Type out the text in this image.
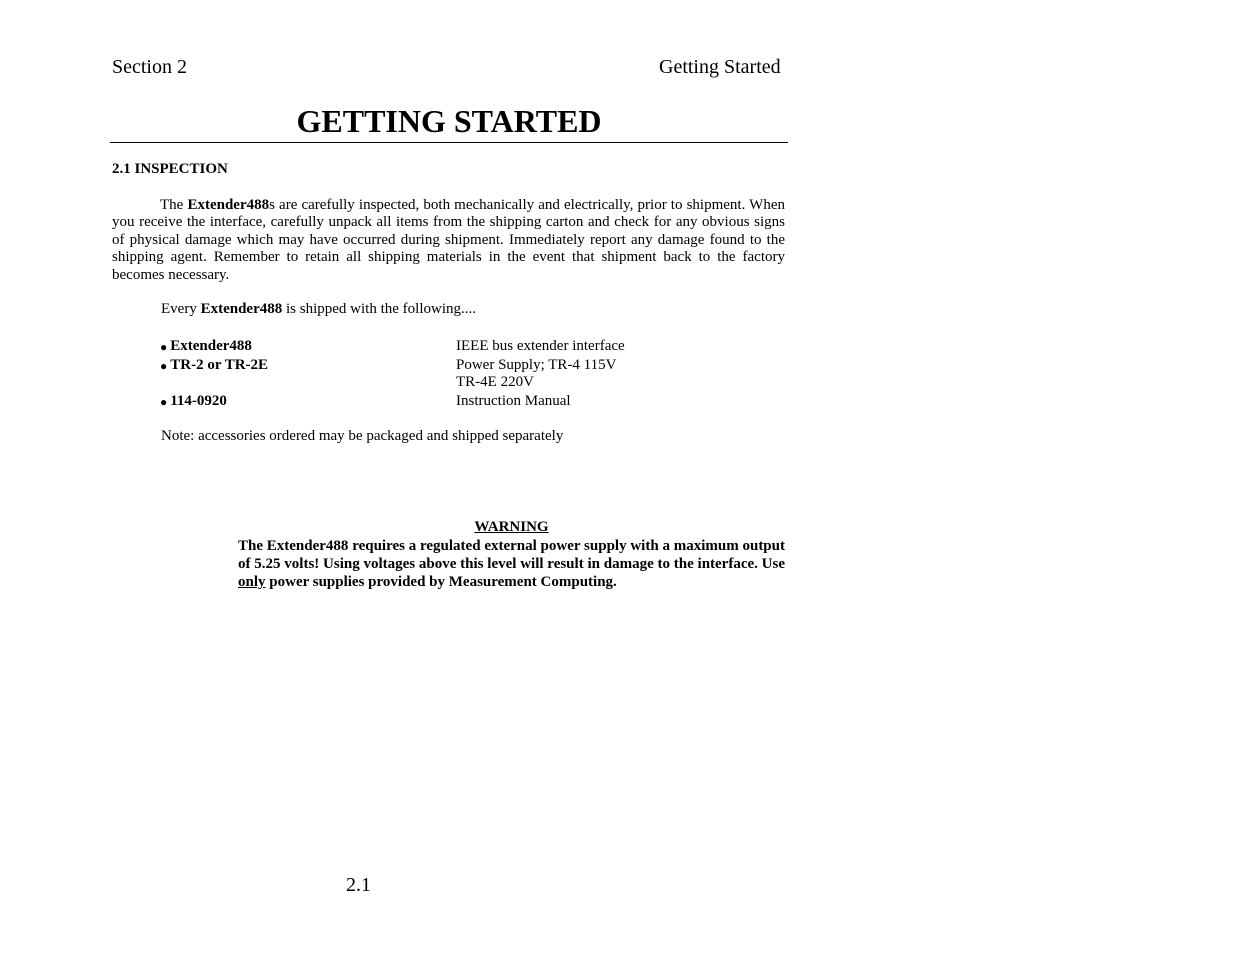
Section 2	Getting Started
GETTING STARTED
2.1 INSPECTION
The Extender488s are carefully inspected, both mechanically and electrically, prior to shipment. When you receive the interface, carefully unpack all items from the shipping carton and check for any obvious signs of physical damage which may have occurred during shipment. Immediately report any damage found to the shipping agent. Remember to retain all shipping materials in the event that shipment back to the factory becomes necessary.
Every Extender488 is shipped with the following....
● Extender488	IEEE bus extender interface
● TR-2 or TR-2E	Power Supply; TR-4 115V
TR-4E 220V
● 114-0920	Instruction Manual
Note: accessories ordered may be packaged and shipped separately
WARNING
The Extender488 requires a regulated external power supply with a maximum output of 5.25 volts! Using voltages above this level will result in damage to the interface. Use only power supplies provided by Measurement Computing.
2.1
